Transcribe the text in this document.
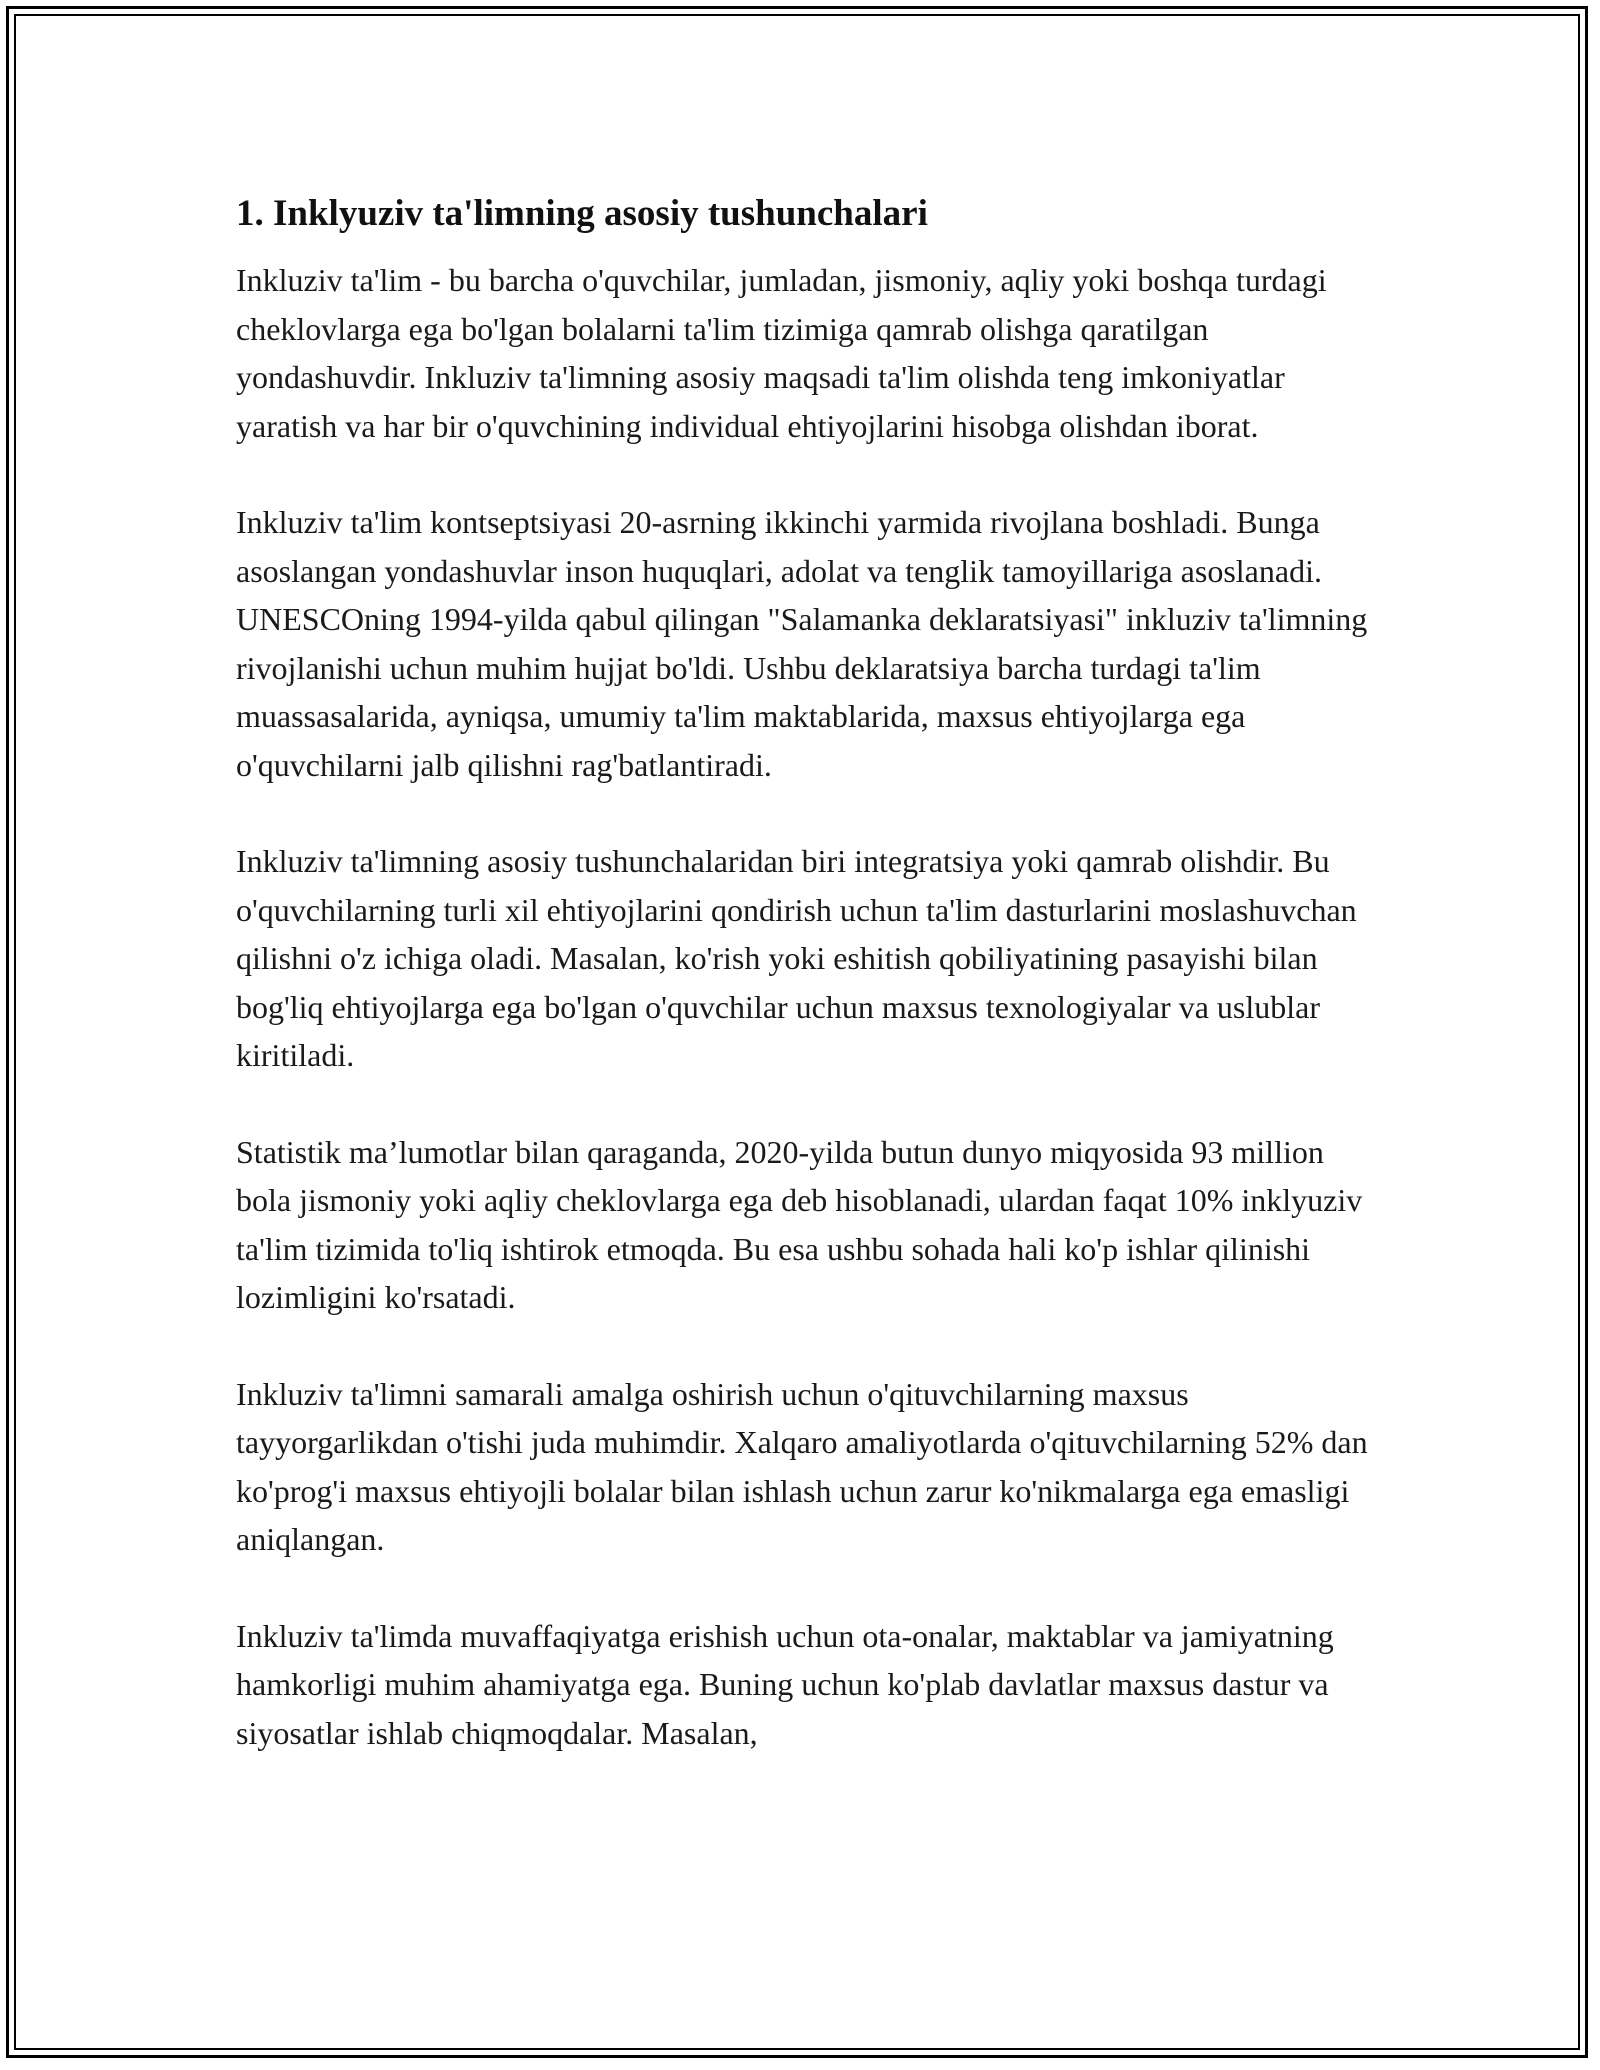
1. Inklyuziv ta'limning asosiy tushunchalari

Inkluziv ta'lim - bu barcha o'quvchilar, jumladan, jismoniy, aqliy yoki boshqa turdagi cheklovlarga ega bo'lgan bolalarni ta'lim tizimiga qamrab olishga qaratilgan yondashuvdir. Inkluziv ta'limning asosiy maqsadi ta'lim olishda teng imkoniyatlar yaratish va har bir o'quvchining individual ehtiyojlarini hisobga olishdan iborat.

Inkluziv ta'lim kontseptsiyasi 20-asrning ikkinchi yarmida rivojlana boshladi. Bunga asoslangan yondashuvlar inson huquqlari, adolat va tenglik tamoyillariga asoslanadi. UNESCOning 1994-yilda qabul qilingan "Salamanka deklaratsiyasi" inkluziv ta'limning rivojlanishi uchun muhim hujjat bo'ldi. Ushbu deklaratsiya barcha turdagi ta'lim muassasalarida, ayniqsa, umumiy ta'lim maktablarida, maxsus ehtiyojlarga ega o'quvchilarni jalb qilishni rag'batlantiradi.

Inkluziv ta'limning asosiy tushunchalaridan biri integratsiya yoki qamrab olishdir. Bu o'quvchilarning turli xil ehtiyojlarini qondirish uchun ta'lim dasturlarini moslashuvchan qilishni o'z ichiga oladi. Masalan, ko'rish yoki eshitish qobiliyatining pasayishi bilan bog'liq ehtiyojlarga ega bo'lgan o'quvchilar uchun maxsus texnologiyalar va uslublar kiritiladi.

Statistik ma’lumotlar bilan qaraganda, 2020-yilda butun dunyo miqyosida 93 million bola jismoniy yoki aqliy cheklovlarga ega deb hisoblanadi, ulardan faqat 10% inklyuziv ta'lim tizimida to'liq ishtirok etmoqda. Bu esa ushbu sohada hali ko'p ishlar qilinishi lozimligini ko'rsatadi.

Inkluziv ta'limni samarali amalga oshirish uchun o'qituvchilarning maxsus tayyorgarlikdan o'tishi juda muhimdir. Xalqaro amaliyotlarda o'qituvchilarning 52% dan ko'prog'i maxsus ehtiyojli bolalar bilan ishlash uchun zarur ko'nikmalarga ega emasligi aniqlangan.

Inkluziv ta'limda muvaffaqiyatga erishish uchun ota-onalar, maktablar va jamiyatning hamkorligi muhim ahamiyatga ega. Buning uchun ko'plab davlatlar maxsus dastur va siyosatlar ishlab chiqmoqdalar. Masalan,
